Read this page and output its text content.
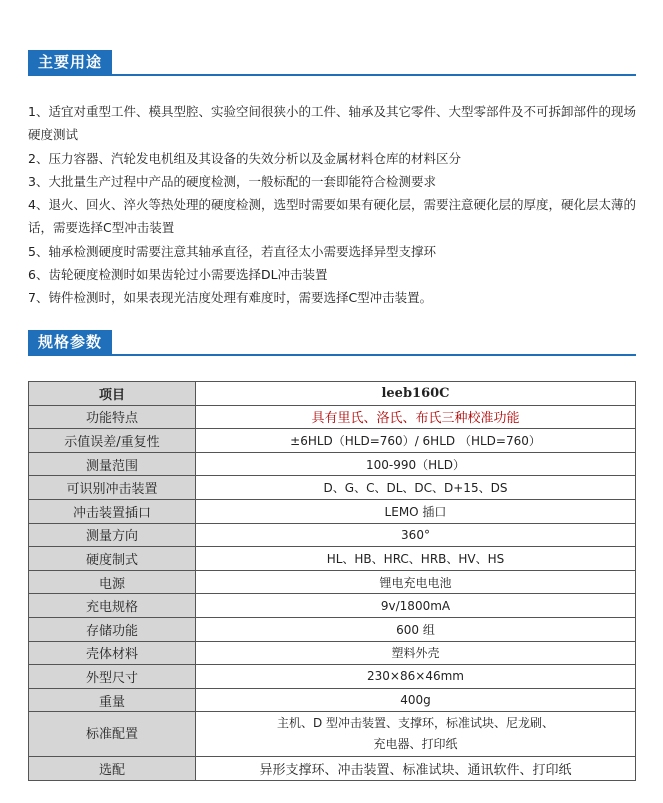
主要用途

1、适宜对重型工件、模具型腔、实验空间很狭小的工件、轴承及其它零件、大型零部件及不可拆卸部件的现场硬度测试

2、压力容器、汽轮发电机组及其设备的失效分析以及金属材料仓库的材料区分

3、大批量生产过程中产品的硬度检测，一般标配的一套即能符合检测要求

4、退火、回火、淬火等热处理的硬度检测，选型时需要如果有硬化层，需要注意硬化层的厚度，硬化层太薄的话，需要选择C型冲击装置

5、轴承检测硬度时需要注意其轴承直径，若直径太小需要选择异型支撑环

6、齿轮硬度检测时如果齿轮过小需要选择DL冲击装置

7、铸件检测时，如果表现光洁度处理有难度时，需要选择C型冲击装置。

规格参数
项目	leeb160C
功能特点	具有里氏、洛氏、布氏三种校准功能
示值误差/重复性	±6HLD（HLD=760）/ 6HLD （HLD=760）
测量范围	100-990（HLD）
可识别冲击装置	D、G、C、DL、DC、D+15、DS
冲击装置插口	LEMO 插口
测量方向	360°
硬度制式	HL、HB、HRC、HRB、HV、HS
电源	锂电充电电池
充电规格	9v/1800mA
存储功能	600 组
壳体材料	塑料外壳
外型尺寸	230×86×46mm
重量	400g
标准配置	主机、D 型冲击装置、支撑环，标准试块、尼龙刷、
充电器、打印纸

选配	异形支撑环、冲击装置、标准试块、通讯软件、打印纸
